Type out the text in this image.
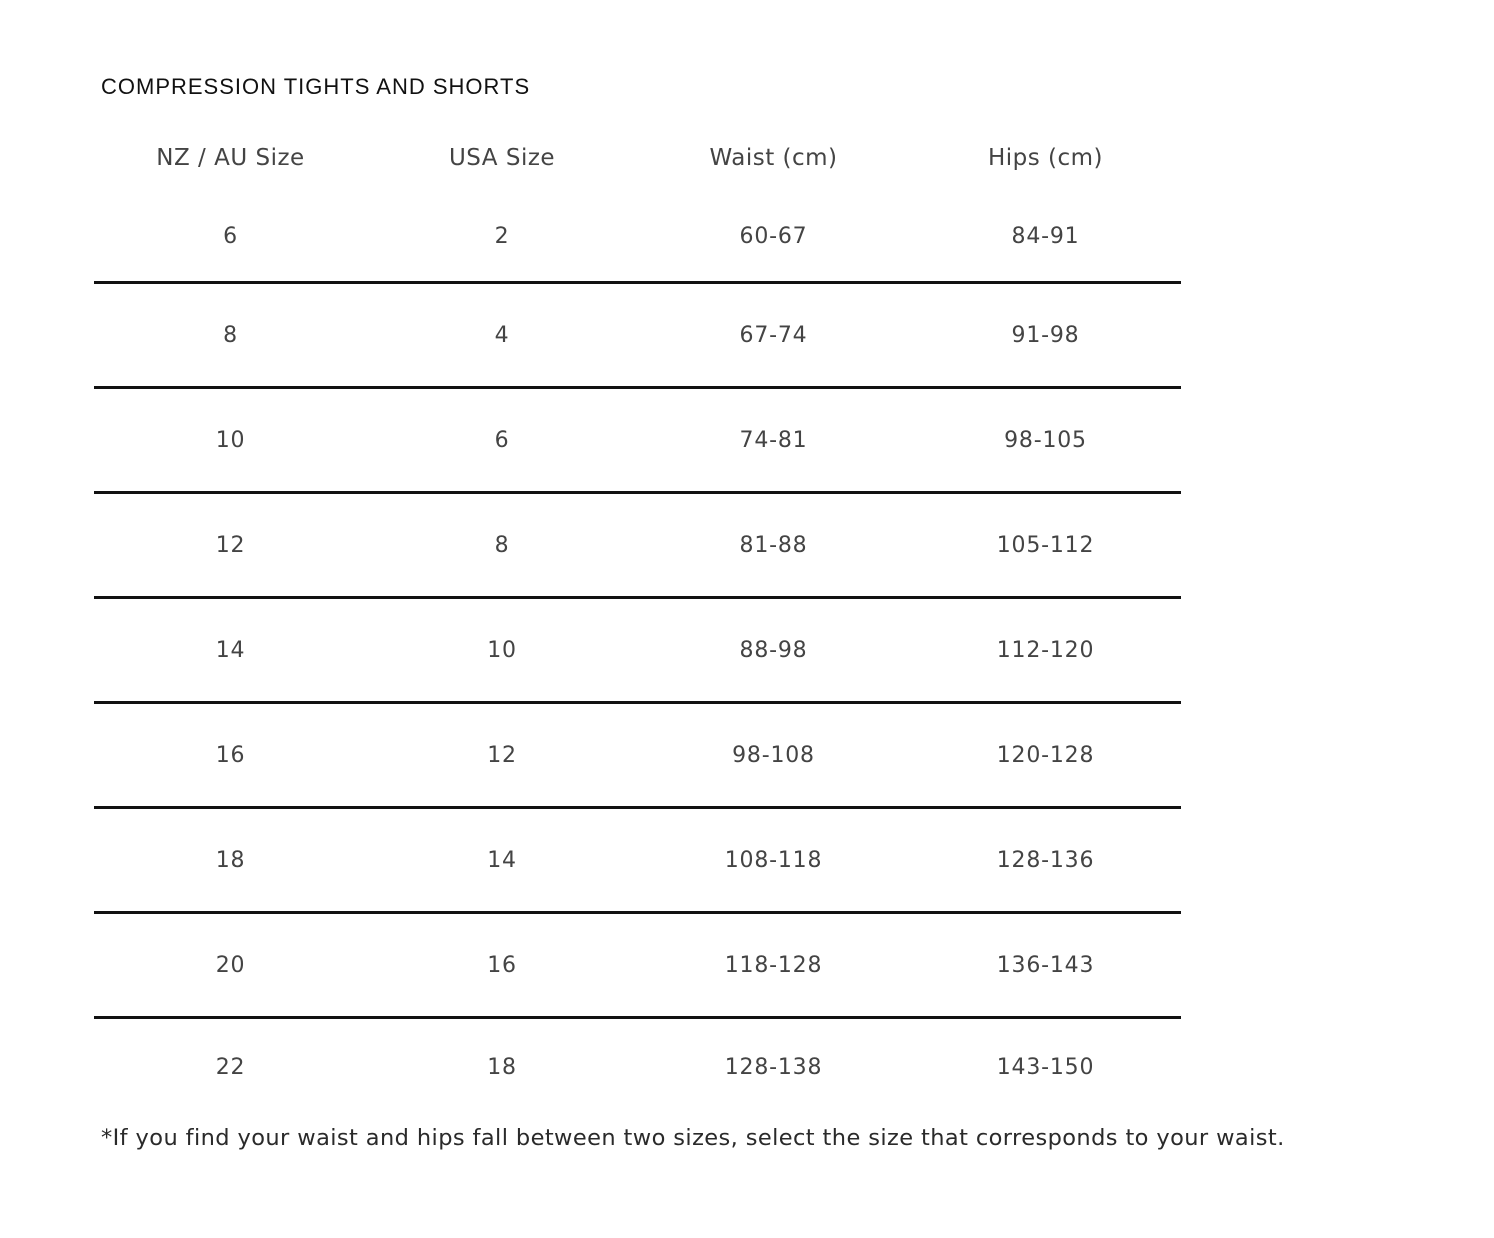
COMPRESSION TIGHTS AND SHORTS
NZ / AU Size	USA Size	Waist (cm)	Hips (cm)
6	2	60-67	84-91
8	4	67-74	91-98
10	6	74-81	98-105
12	8	81-88	105-112
14	10	88-98	112-120
16	12	98-108	120-128
18	14	108-118	128-136
20	16	118-128	136-143
22	18	128-138	143-150
*If you find your waist and hips fall between two sizes, select the size that corresponds to your waist.
